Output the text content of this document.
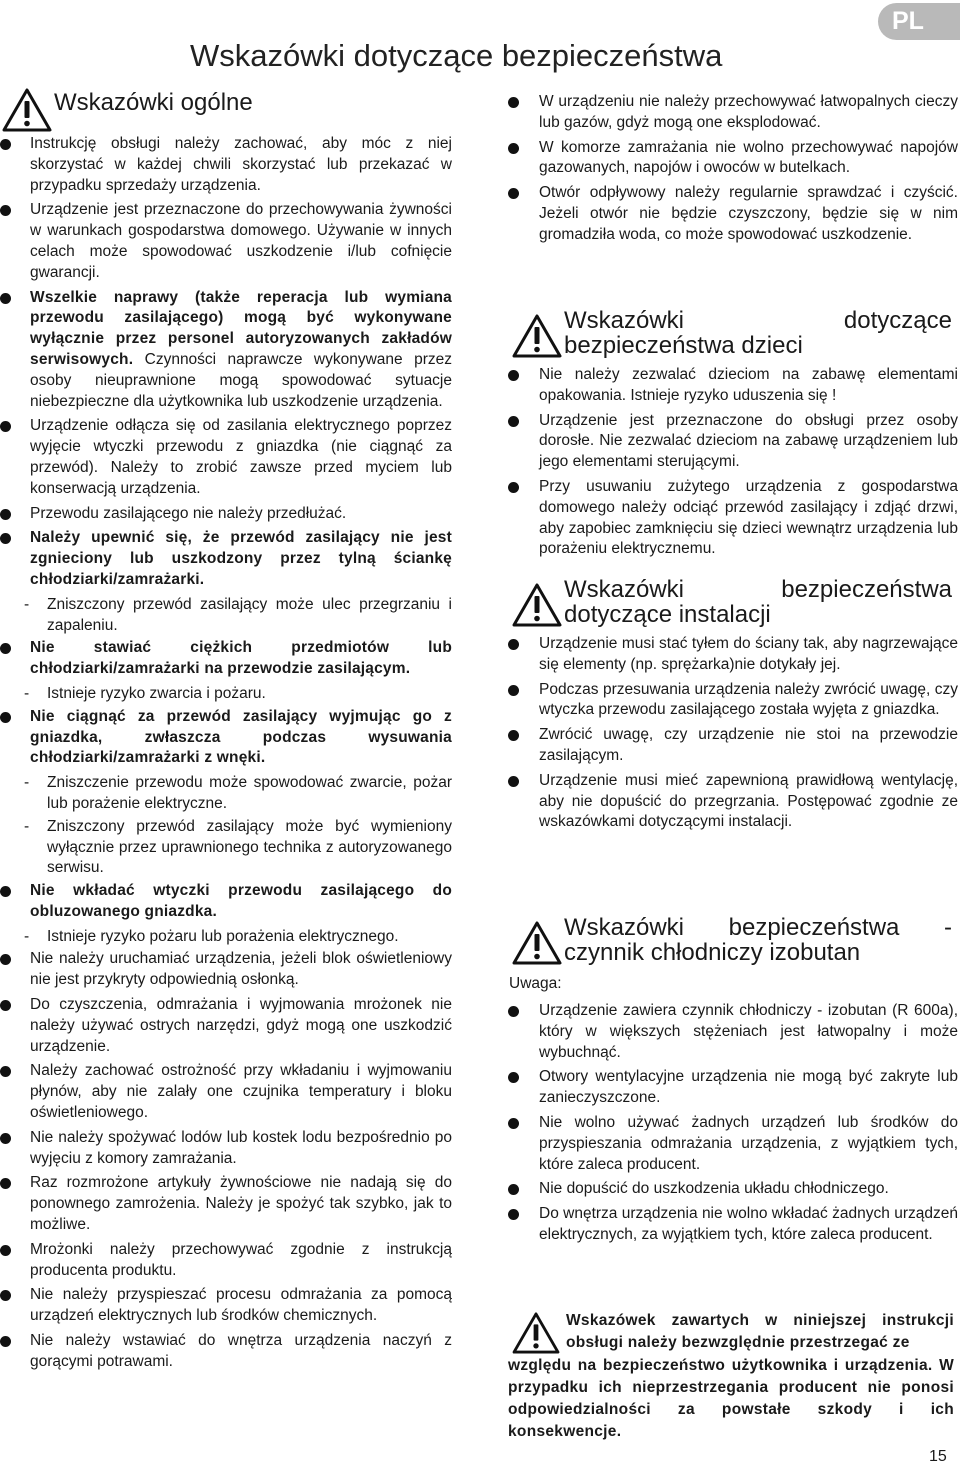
PL
Wskazówki dotyczące bezpieczeństwa
Wskazówki ogólne

Instrukcję obsługi należy zachować, aby móc z niej skorzystać w każdej chwili skorzystać lub przekazać w przypadku sprzedaży urządzenia.

Urządzenie jest przeznaczone do przechowywania żywności w warunkach gospodarstwa domowego. Używanie w innych celach może spowodować uszkodzenie i/lub cofnięcie gwarancji.

Wszelkie naprawy (także reperacja lub wymiana przewodu zasilającego) mogą być wykonywane wyłącznie przez personel autoryzowanych zakładów serwisowych. Czynności naprawcze wykonywane przez osoby nieuprawnione mogą spowodować sytuacje niebezpieczne dla użytkownika lub uszkodzenie urządzenia.

Urządzenie odłącza się od zasilania elektrycznego poprzez wyjęcie wtyczki przewodu z gniazdka (nie ciągnąć za przewód). Należy to zrobić zawsze przed myciem lub konserwacją urządzenia.

Przewodu zasilającego nie należy przedłużać.

Należy upewnić się, że przewód zasilający nie jest zgnieciony lub uszkodzony przez tylną ściankę chłodziarki/zamrażarki.

- Zniszczony przewód zasilający może ulec przegrzaniu i zapaleniu.

Nie stawiać ciężkich przedmiotów lub chłodziarki/zamrażarki na przewodzie zasilającym.

- Istnieje ryzyko zwarcia i pożaru.

Nie ciągnąć za przewód zasilający wyjmując go z gniazdka, zwłaszcza podczas wysuwania chłodziarki/zamrażarki z wnęki.

- Zniszczenie przewodu może spowodować zwarcie, pożar lub porażenie elektryczne.

- Zniszczony przewód zasilający może być wymieniony wyłącznie przez uprawnionego technika z autoryzowanego serwisu.

Nie wkładać wtyczki przewodu zasilającego do obluzowanego gniazdka.

- Istnieje ryzyko pożaru lub porażenia elektrycznego.

Nie należy uruchamiać urządzenia, jeżeli blok oświetleniowy nie jest przykryty odpowiednią osłonką.

Do czyszczenia, odmrażania i wyjmowania mrożonek nie należy używać ostrych narzędzi, gdyż mogą one uszkodzić urządzenie.

Należy zachować ostrożność przy wkładaniu i wyjmowaniu płynów, aby nie zalały one czujnika temperatury i bloku oświetleniowego.

Nie należy spożywać lodów lub kostek lodu bezpośrednio po wyjęciu z komory zamrażania.

Raz rozmrożone artykuły żywnościowe nie nadają się do ponownego zamrożenia. Należy je spożyć tak szybko, jak to możliwe.

Mrożonki należy przechowywać zgodnie z instrukcją producenta produktu.

Nie należy przyspieszać procesu odmrażania za pomocą urządzeń elektrycznych lub środków chemicznych.

Nie należy wstawiać do wnętrza urządzenia naczyń z gorącymi potrawami.

W urządzeniu nie należy przechowywać łatwopalnych cieczy lub gazów, gdyż mogą one eksplodować.

W komorze zamrażania nie wolno przechowywać napojów gazowanych, napojów i owoców w butelkach.

Otwór odpływowy należy regularnie sprawdzać i czyścić. Jeżeli otwór nie będzie czyszczony, będzie się w nim gromadziła woda, co może spowodować uszkodzenie.

Wskazówki dotyczące
bezpieczeństwa dzieci

Nie należy zezwalać dzieciom na zabawę elementami opakowania. Istnieje ryzyko uduszenia się !

Urządzenie jest przeznaczone do obsługi przez osoby dorosłe. Nie zezwalać dzieciom na zabawę urządzeniem lub jego elementami sterującymi.

Przy usuwaniu zużytego urządzenia z gospodarstwa domowego należy odciąć przewód zasilający i zdjąć drzwi, aby zapobiec zamknięciu się dzieci wewnątrz urządzenia lub porażeniu elektrycznemu.

Wskazówki bezpieczeństwa
dotyczące instalacji

Urządzenie musi stać tyłem do ściany tak, aby nagrzewające się elementy (np. sprężarka)nie dotykały jej.

Podczas przesuwania urządzenia należy zwrócić uwagę, czy wtyczka przewodu zasilającego została wyjęta z gniazdka.

Zwrócić uwagę, czy urządzenie nie stoi na przewodzie zasilającym.

Urządzenie musi mieć zapewnioną prawidłową wentylację, aby nie dopuścić do przegrzania. Postępować zgodnie ze wskazówkami dotyczącymi instalacji.

Wskazówki bezpieczeństwa -
czynnik chłodniczy izobutan
Uwaga:

Urządzenie zawiera czynnik chłodniczy - izobutan (R 600a), który w większych stężeniach jest łatwopalny i może wybuchnąć.

Otwory wentylacyjne urządzenia nie mogą być zakryte lub zanieczyszczone.

Nie wolno używać żadnych urządzeń lub środków do przyspieszania odmrażania urządzenia, z wyjątkiem tych, które zaleca producent.

Nie dopuścić do uszkodzenia układu chłodniczego.

Do wnętrza urządzenia nie wolno wkładać żadnych urządzeń elektrycznych, za wyjątkiem tych, które zaleca producent.

Wskazówek zawartych w niniejszej instrukcji obsługi należy bezwzględnie przestrzegać ze
względu na bezpieczeństwo użytkownika i urządzenia. W przypadku ich nieprzestrzegania producent nie ponosi odpowiedzialności za powstałe szkody i ich konsekwencje.
15
